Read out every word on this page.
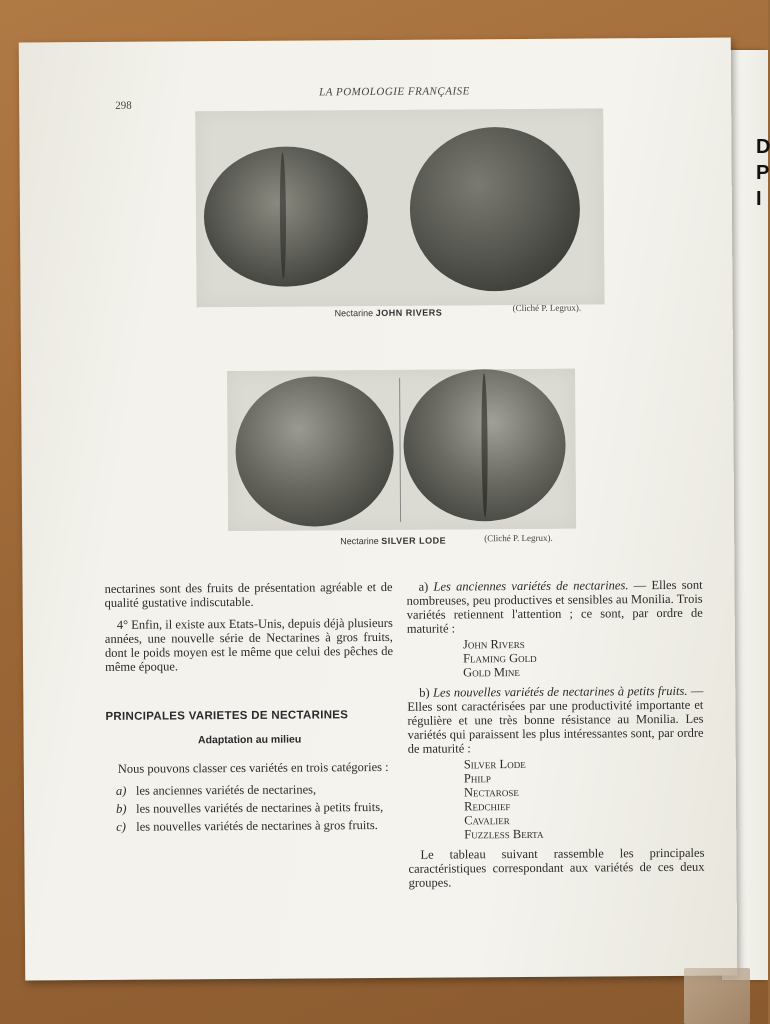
D
P
I
298
LA POMOLOGIE FRANÇAISE
Nectarine JOHN RIVERS	(Cliché P. Legrux).
Nectarine SILVER LODE	(Cliché P. Legrux).

nectarines sont des fruits de présentation agréable et de qualité gustative indiscutable.

4° Enfin, il existe aux Etats-Unis, depuis déjà plusieurs années, une nouvelle série de Nectarines à gros fruits, dont le poids moyen est le même que celui des pêches de même époque.

PRINCIPALES VARIETES DE NECTARINES

Adaptation au milieu

Nous pouvons classer ces variétés en trois catégories :

a) les anciennes variétés de nectarines,
b) les nouvelles variétés de nectarines à petits fruits,
c) les nouvelles variétés de nectarines à gros fruits.

a) Les anciennes variétés de nectarines. — Elles sont nombreuses, peu productives et sensibles au Monilia. Trois variétés retiennent l'attention ; ce sont, par ordre de maturité :

John Rivers
Flaming Gold
Gold Mine

b) Les nouvelles variétés de nectarines à petits fruits. — Elles sont caractérisées par une productivité importante et régulière et une très bonne résistance au Monilia. Les variétés qui paraissent les plus intéressantes sont, par ordre de maturité :

Silver Lode
Philp
Nectarose
Redchief
Cavalier
Fuzzless Berta

Le tableau suivant rassemble les principales caractéristiques correspondant aux variétés de ces deux groupes.
